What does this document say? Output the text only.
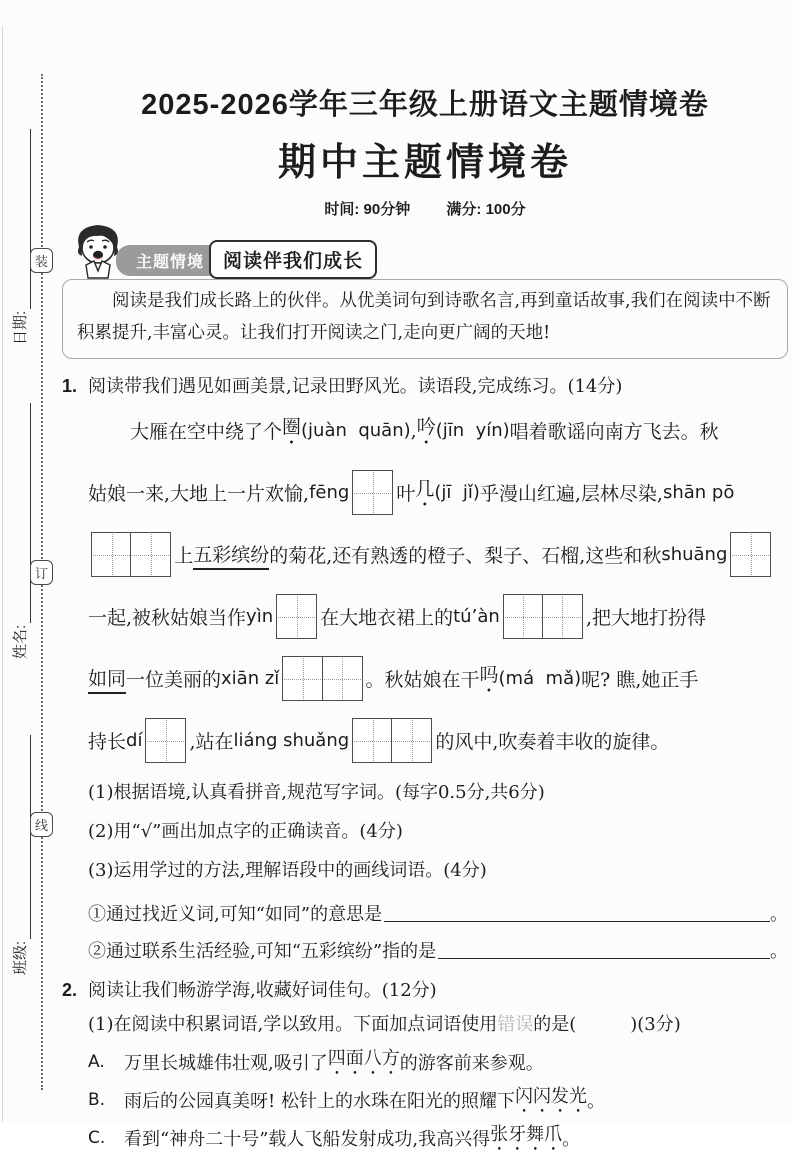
装
订
线
日期:
姓名:
班级:
2025-2026学年三年级上册语文主题情境卷
期中主题情境卷
时间: 90分钟 满分: 100分
主题情境 阅读伴我们成长
阅读是我们成长路上的伙伴。从优美词句到诗歌名言,再到童话故事,我们在阅读中不断积累提升,丰富心灵。让我们打开阅读之门,走向更广阔的天地!
1. 阅读带我们遇见如画美景,记录田野风光。读语段,完成练习。(14分)
大雁在空中绕了个 圈 (juàn  quān) , 吟 (jīn  yín) 唱着歌谣向南方飞去。秋
姑娘一来,大地上一片欢愉, fēng 叶 几 (jī  jǐ) 乎漫山红遍,层林尽染, shān pō
上 五彩缤纷 的菊花,还有熟透的橙子、梨子、石榴,这些和秋 shuāng
一起,被秋姑娘当作 yìn 在大地衣裙上的 tú’àn	,把大地打扮得
如同 一位美丽的 xiān zǐ	。秋姑娘在干 吗 (má  mǎ) 呢? 瞧,她正手
持长 dí ,站在 liáng shuǎng	的风中,吹奏着丰收的旋律。
(1)根据语境,认真看拼音,规范写字词。(每字0.5分,共6分)
(2)用“√”画出加点字的正确读音。(4分)
(3)运用学过的方法,理解语段中的画线词语。(4分)
①通过找近义词,可知“如同”的意思是	。
②通过联系生活经验,可知“五彩缤纷”指的是	。
2. 阅读让我们畅游学海,收藏好词佳句。(12分)
(1)在阅读中积累词语,学以致用。下面加点词语使用 错误 的是(　　　)(3分)
A.	万里长城雄伟壮观,吸引了 四面八方 的游客前来参观。
B.	雨后的公园真美呀! 松针上的水珠在阳光的照耀下 闪闪发光 。
C.	看到“神舟二十号”载人飞船发射成功,我高兴得 张牙舞爪 。
